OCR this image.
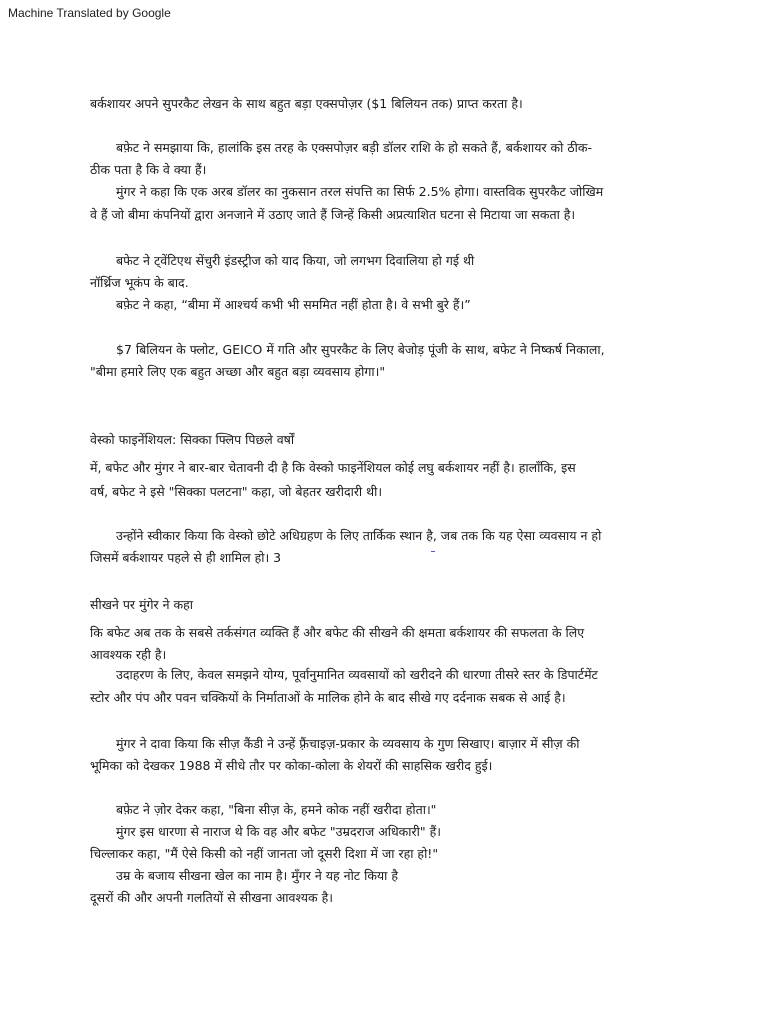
Machine Translated by Google
बर्कशायर अपने सुपरकैट लेखन के साथ बहुत बड़ा एक्सपोज़र ($1 बिलियन तक) प्राप्त करता है।
बफ़ेट ने समझाया कि, हालांकि इस तरह के एक्सपोज़र बड़ी डॉलर राशि के हो सकते हैं, बर्कशायर को ठीक-
ठीक पता है कि वे क्या हैं।
मुंगर ने कहा कि एक अरब डॉलर का नुकसान तरल संपत्ति का सिर्फ 2.5% होगा। वास्तविक सुपरकैट जोखिम
वे हैं जो बीमा कंपनियों द्वारा अनजाने में उठाए जाते हैं जिन्हें किसी अप्रत्याशित घटना से मिटाया जा सकता है।
बफेट ने ट्वेंटिएथ सेंचुरी इंडस्ट्रीज को याद किया, जो लगभग दिवालिया हो गई थी
नॉर्थ्रिज भूकंप के बाद.
बफ़ेट ने कहा, “बीमा में आश्चर्य कभी भी सममित नहीं होता है। वे सभी बुरे हैं।”
$7 बिलियन के फ्लोट, GEICO में गति और सुपरकैट के लिए बेजोड़ पूंजी के साथ, बफेट ने निष्कर्ष निकाला,
"बीमा हमारे लिए एक बहुत अच्छा और बहुत बड़ा व्यवसाय होगा।"
वेस्को फाइनेंशियल: सिक्का फ्लिप पिछले वर्षों
में, बफेट और मुंगर ने बार-बार चेतावनी दी है कि वेस्को फाइनेंशियल कोई लघु बर्कशायर नहीं है। हालाँकि, इस
वर्ष, बफेट ने इसे "सिक्का पलटना" कहा, जो बेहतर खरीदारी थी।
उन्होंने स्वीकार किया कि वेस्को छोटे अधिग्रहण के लिए तार्किक स्थान है, जब तक कि यह ऐसा व्यवसाय न हो
जिसमें बर्कशायर पहले से ही शामिल हो। 3
सीखने पर मुंगेर ने कहा
कि बफेट अब तक के सबसे तर्कसंगत व्यक्ति हैं और बफेट की सीखने की क्षमता बर्कशायर की सफलता के लिए
आवश्यक रही है।
उदाहरण के लिए, केवल समझने योग्य, पूर्वानुमानित व्यवसायों को खरीदने की धारणा तीसरे स्तर के डिपार्टमेंट
स्टोर और पंप और पवन चक्कियों के निर्माताओं के मालिक होने के बाद सीखे गए दर्दनाक सबक से आई है।
मुंगर ने दावा किया कि सीज़ कैंडी ने उन्हें फ़्रैंचाइज़-प्रकार के व्यवसाय के गुण सिखाए। बाज़ार में सीज़ की
भूमिका को देखकर 1988 में सीधे तौर पर कोका-कोला के शेयरों की साहसिक खरीद हुई।
बफ़ेट ने ज़ोर देकर कहा, "बिना सीज़ के, हमने कोक नहीं खरीदा होता।"
मुंगर इस धारणा से नाराज थे कि वह और बफेट "उम्रदराज अधिकारी" हैं।
चिल्लाकर कहा, "मैं ऐसे किसी को नहीं जानता जो दूसरी दिशा में जा रहा हो!"
उम्र के बजाय सीखना खेल का नाम है। मुँगर ने यह नोट किया है
दूसरों की और अपनी गलतियों से सीखना आवश्यक है।
